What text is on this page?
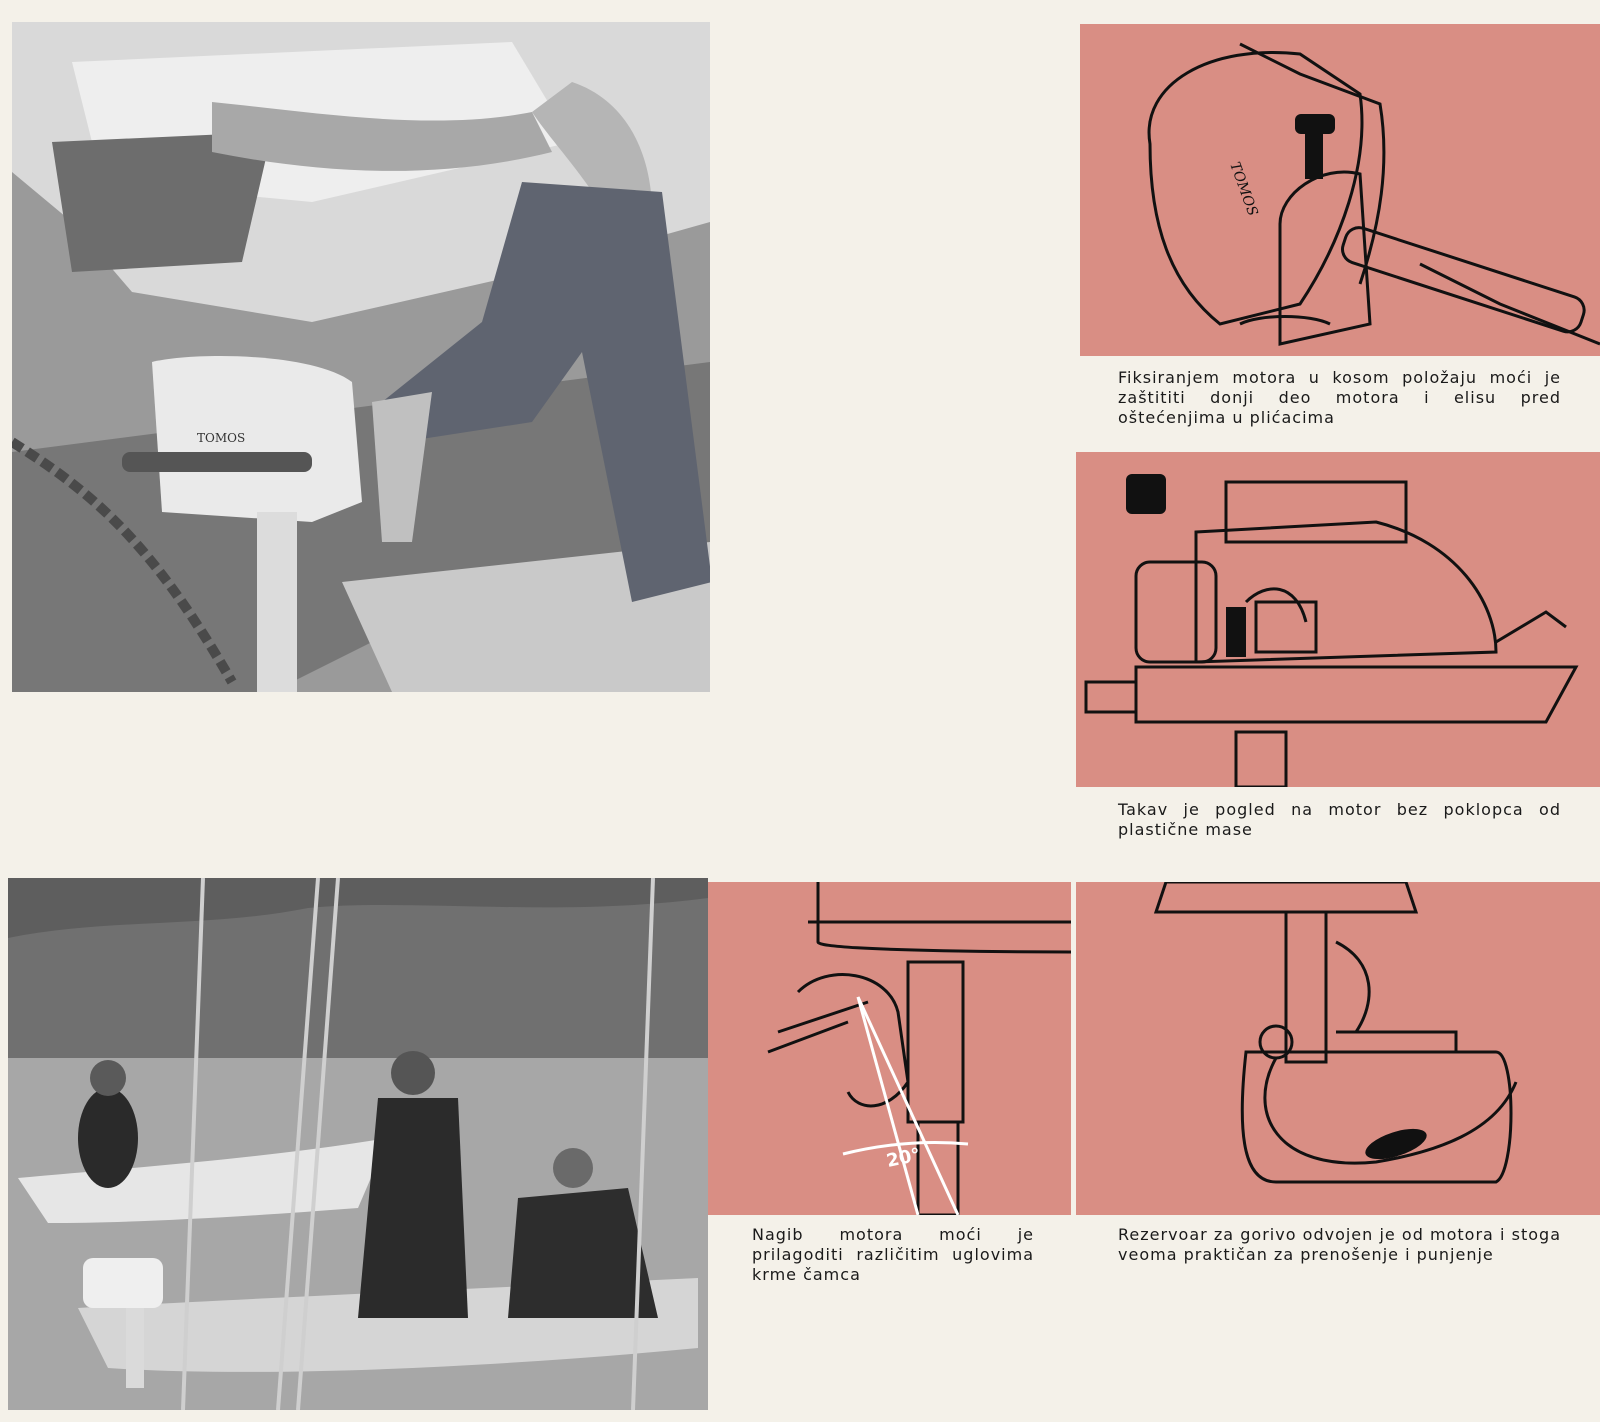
TOMOS
TOMOS

Fiksiranjem motora u kosom položaju moći je zaštititi donji deo motora i elisu pred oštećenjima u plićacima

Takav je pogled na motor bez poklopca od plastične mase

20°

Nagib motora moći je prilagoditi različitim uglovima krme čamca

Rezervoar za gorivo odvojen je od motora i stoga veoma praktičan za prenošenje i punjenje
